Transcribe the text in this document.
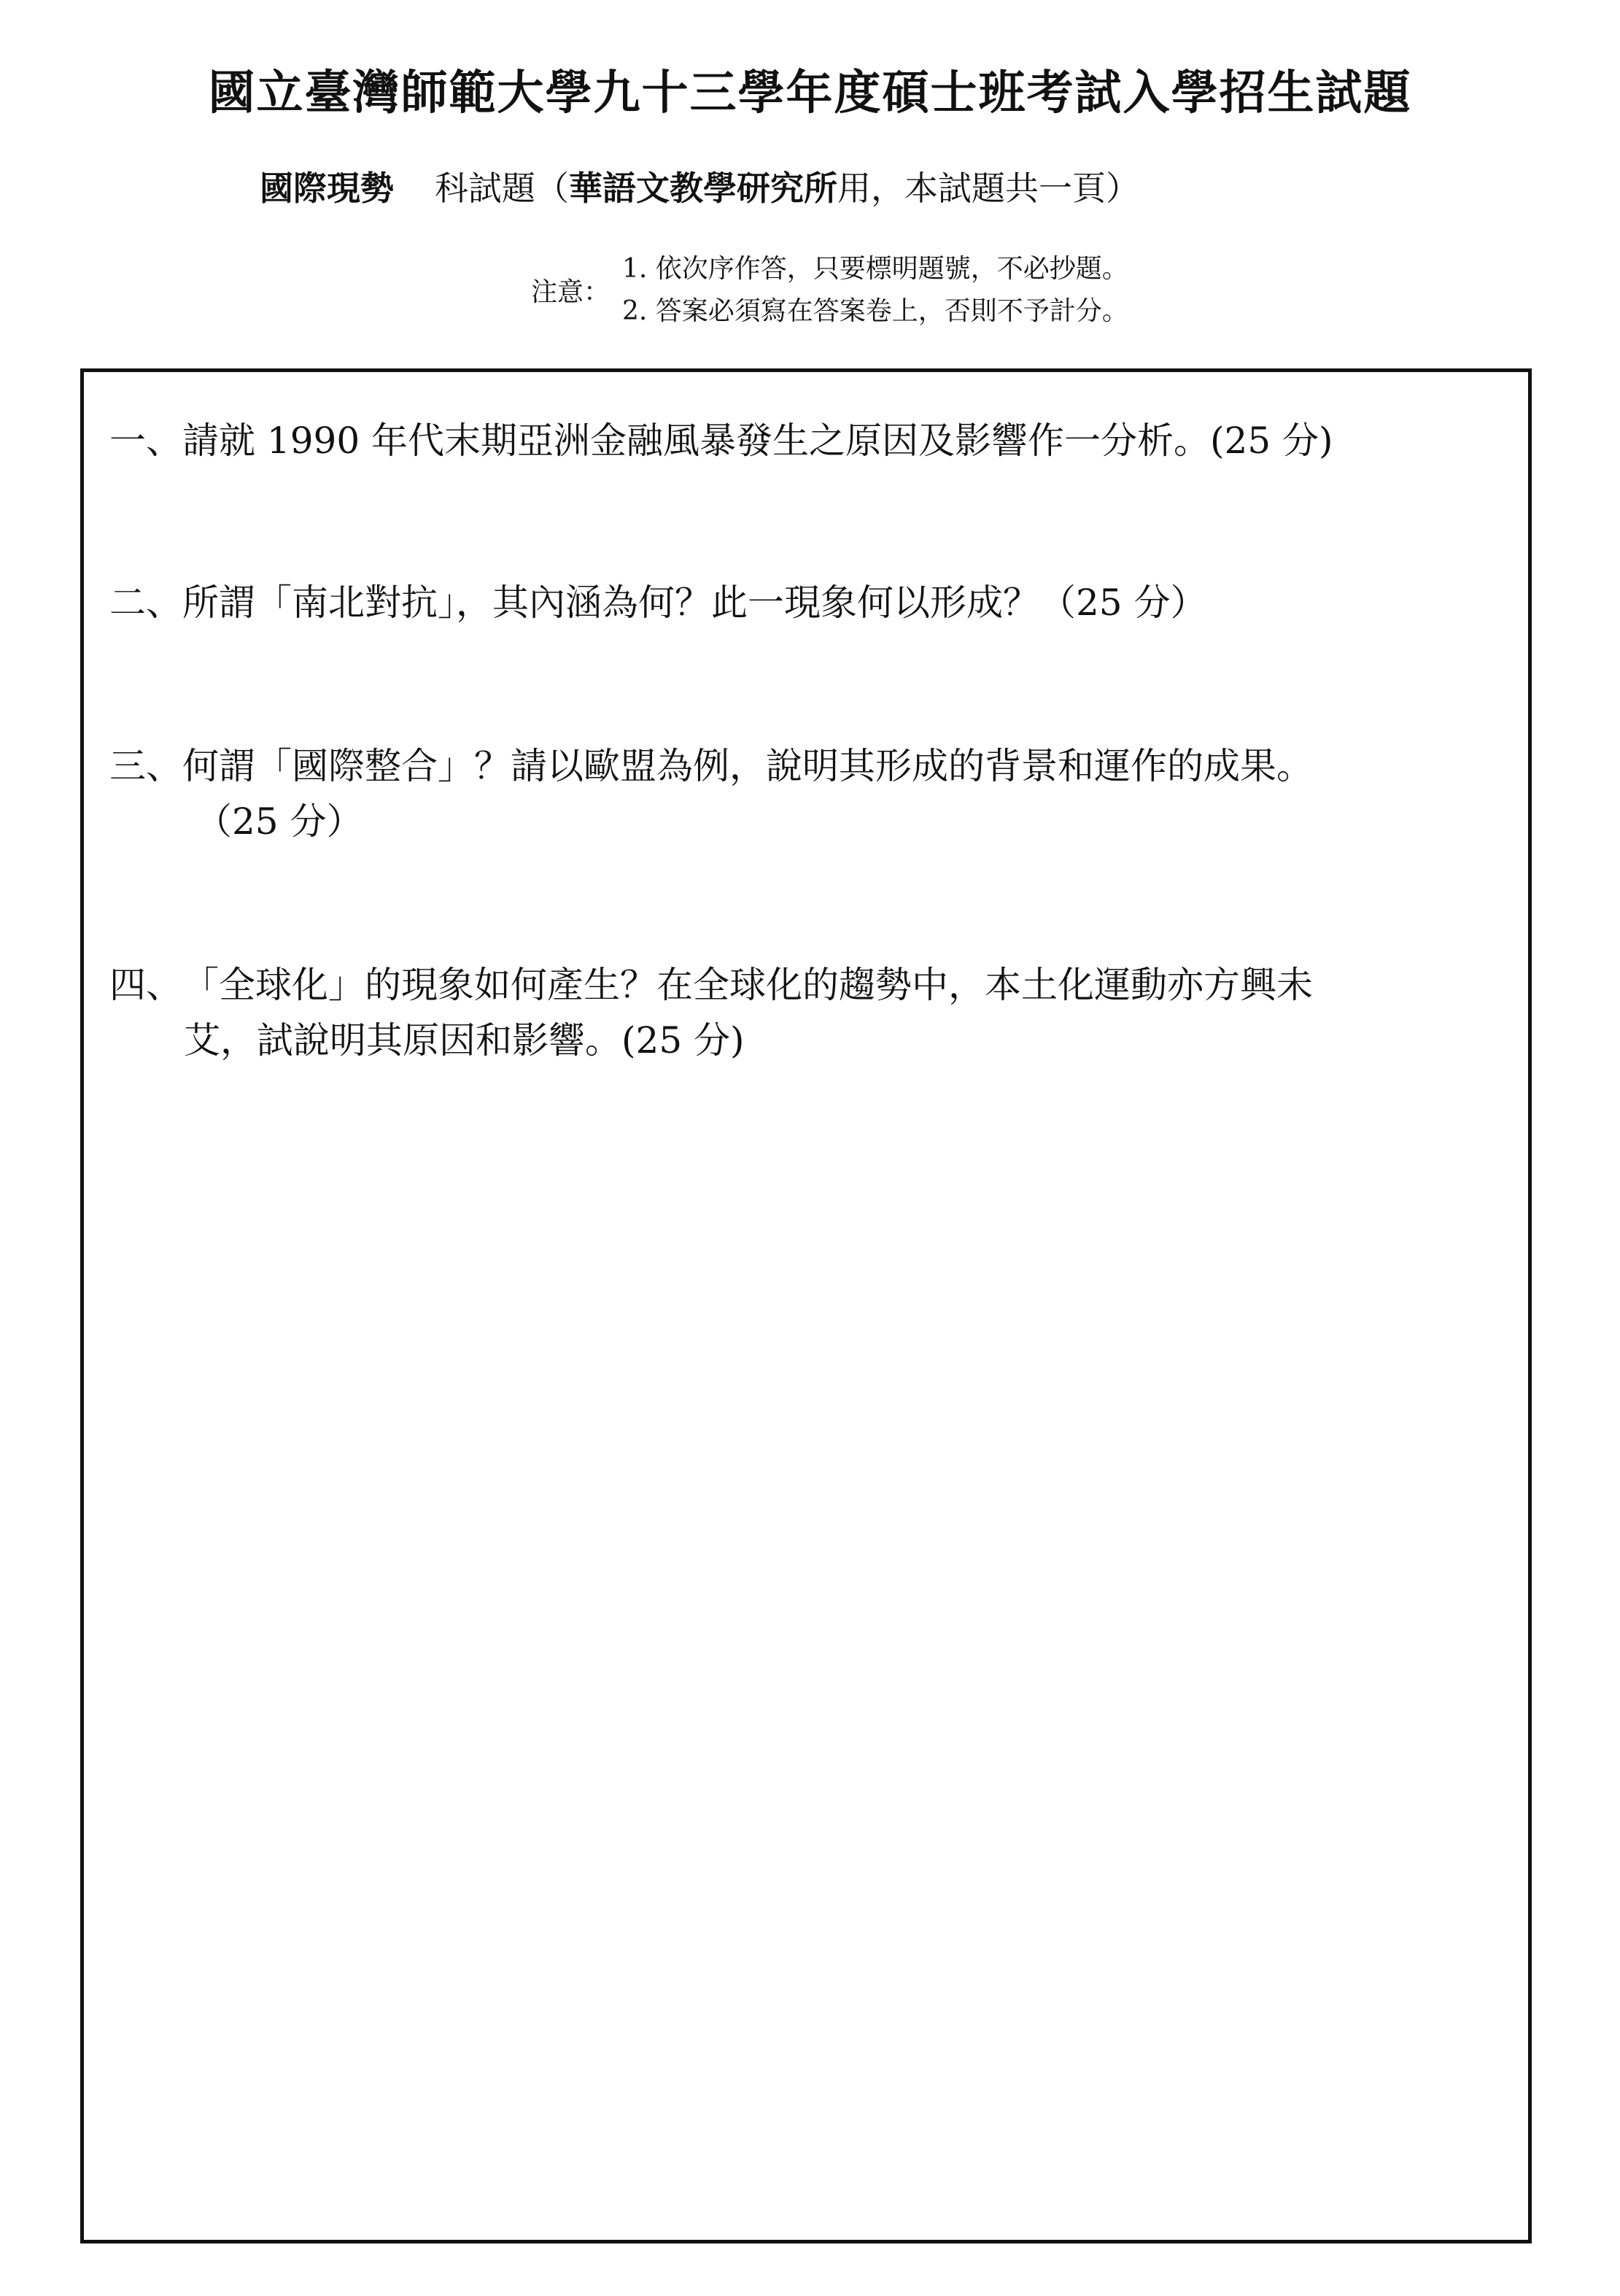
國立臺灣師範大學九十三學年度碩士班考試入學招生試題
國際現勢 科試題（華語文教學研究所用，本試題共一頁）
注意：
1. 依次序作答，只要標明題號，不必抄題。
2. 答案必須寫在答案卷上，否則不予計分。
一、請就 1990 年代末期亞洲金融風暴發生之原因及影響作一分析。(25 分)
二、所謂「南北對抗」，其內涵為何？此一現象何以形成？（25 分）
三、何謂「國際整合」？請以歐盟為例，說明其形成的背景和運作的成果。
（25 分）
四、「全球化」的現象如何產生？在全球化的趨勢中，本土化運動亦方興未
艾，試說明其原因和影響。(25 分)
